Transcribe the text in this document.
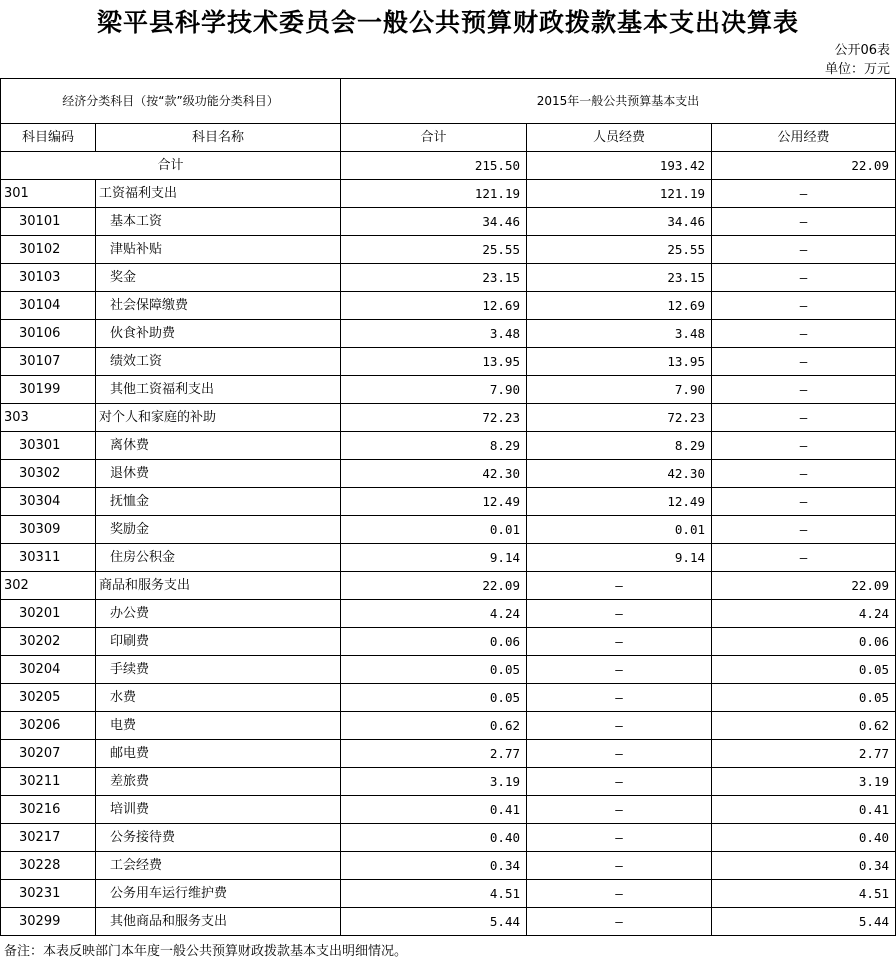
梁平县科学技术委员会一般公共预算财政拨款基本支出决算表
公开06表
单位：万元
经济分类科目（按“款”级功能分类科目）		2015年一般公共预算基本支出		
科目编码	科目名称	合计	人员经费	公用经费
合计		215.50	193.42	22.09
301	工资福利支出	121.19	121.19	—
30101	基本工资	34.46	34.46	—
30102	津贴补贴	25.55	25.55	—
30103	奖金	23.15	23.15	—
30104	社会保障缴费	12.69	12.69	—
30106	伙食补助费	3.48	3.48	—
30107	绩效工资	13.95	13.95	—
30199	其他工资福利支出	7.90	7.90	—
303	对个人和家庭的补助	72.23	72.23	—
30301	离休费	8.29	8.29	—
30302	退休费	42.30	42.30	—
30304	抚恤金	12.49	12.49	—
30309	奖励金	0.01	0.01	—
30311	住房公积金	9.14	9.14	—
302	商品和服务支出	22.09	—	22.09
30201	办公费	4.24	—	4.24
30202	印刷费	0.06	—	0.06
30204	手续费	0.05	—	0.05
30205	水费	0.05	—	0.05
30206	电费	0.62	—	0.62
30207	邮电费	2.77	—	2.77
30211	差旅费	3.19	—	3.19
30216	培训费	0.41	—	0.41
30217	公务接待费	0.40	—	0.40
30228	工会经费	0.34	—	0.34
30231	公务用车运行维护费	4.51	—	4.51
30299	其他商品和服务支出	5.44	—	5.44
备注：本表反映部门本年度一般公共预算财政拨款基本支出明细情况。
